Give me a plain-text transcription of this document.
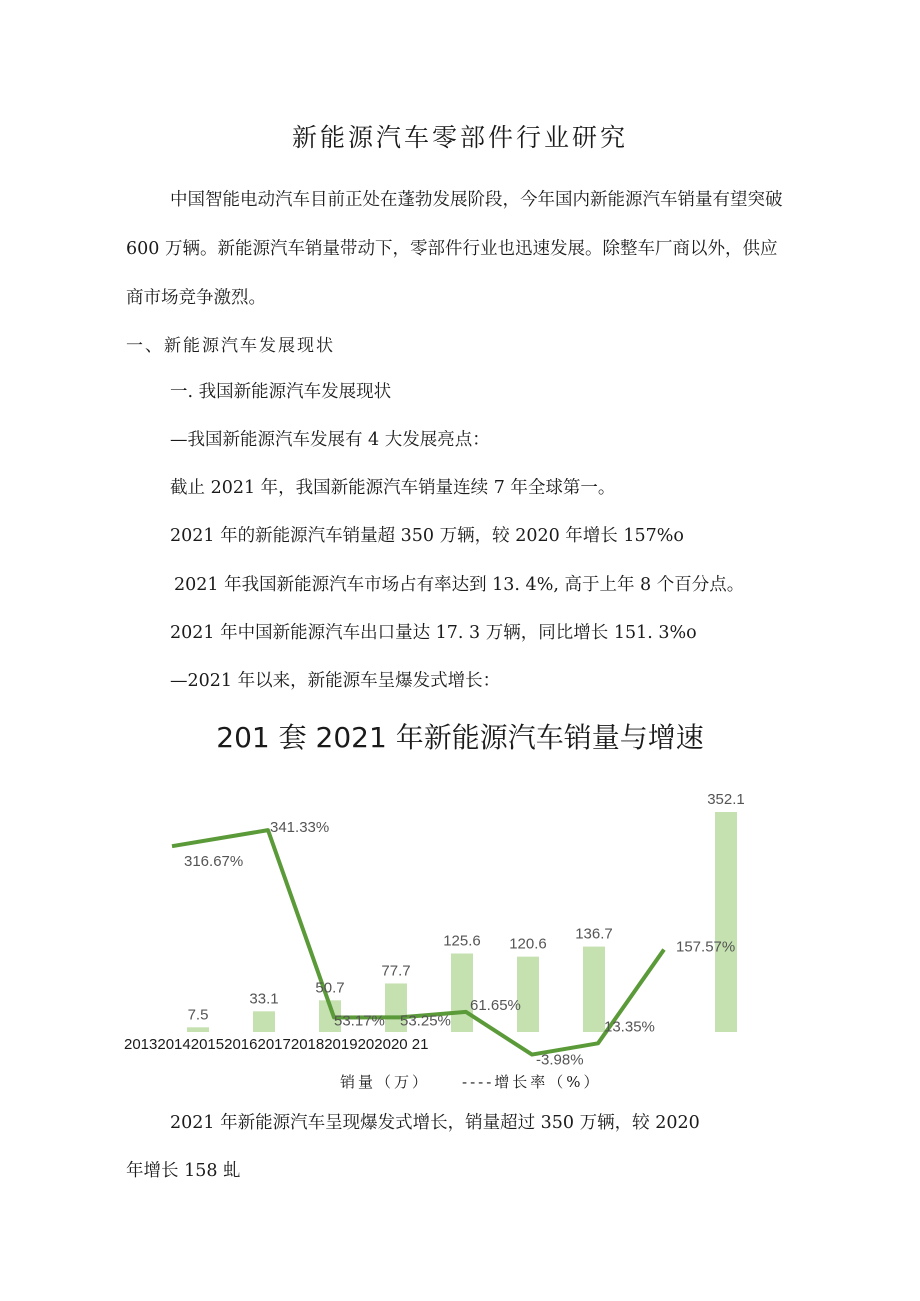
新能源汽车零部件行业研究
中国智能电动汽车目前正处在蓬勃发展阶段，今年国内新能源汽车销量有望突破
600 万辆。新能源汽车销量带动下，零部件行业也迅速发展。除整车厂商以外，供应
商市场竞争激烈。
一、新能源汽车发展现状
一. 我国新能源汽车发展现状
—我国新能源汽车发展有 4 大发展亮点：
截止 2021 年，我国新能源汽车销量连续 7 年全球第一。
2021 年的新能源汽车销量超 350 万辆，较 2020 年增长 157%o
2021 年我国新能源汽车市场占有率达到 13. 4%, 高于上年 8 个百分点。
2021 年中国新能源汽车出口量达 17. 3 万辆，同比增长 151. 3%o
—2021 年以来，新能源车呈爆发式增长：
201 套 2021 年新能源汽车销量与增速
7.5
33.1
50.7
77.7
125.6 120.6
136.7
352.1
316.67%
341.33%
53.17% 53.25%
61.65%
-3.98%
13.35%
157.57%
2013201420152016201720182019202020 21
销量（万） ----增长率（%）
2021 年新能源汽车呈现爆发式增长，销量超过 350 万辆，较 2020
年增长 158 虬
